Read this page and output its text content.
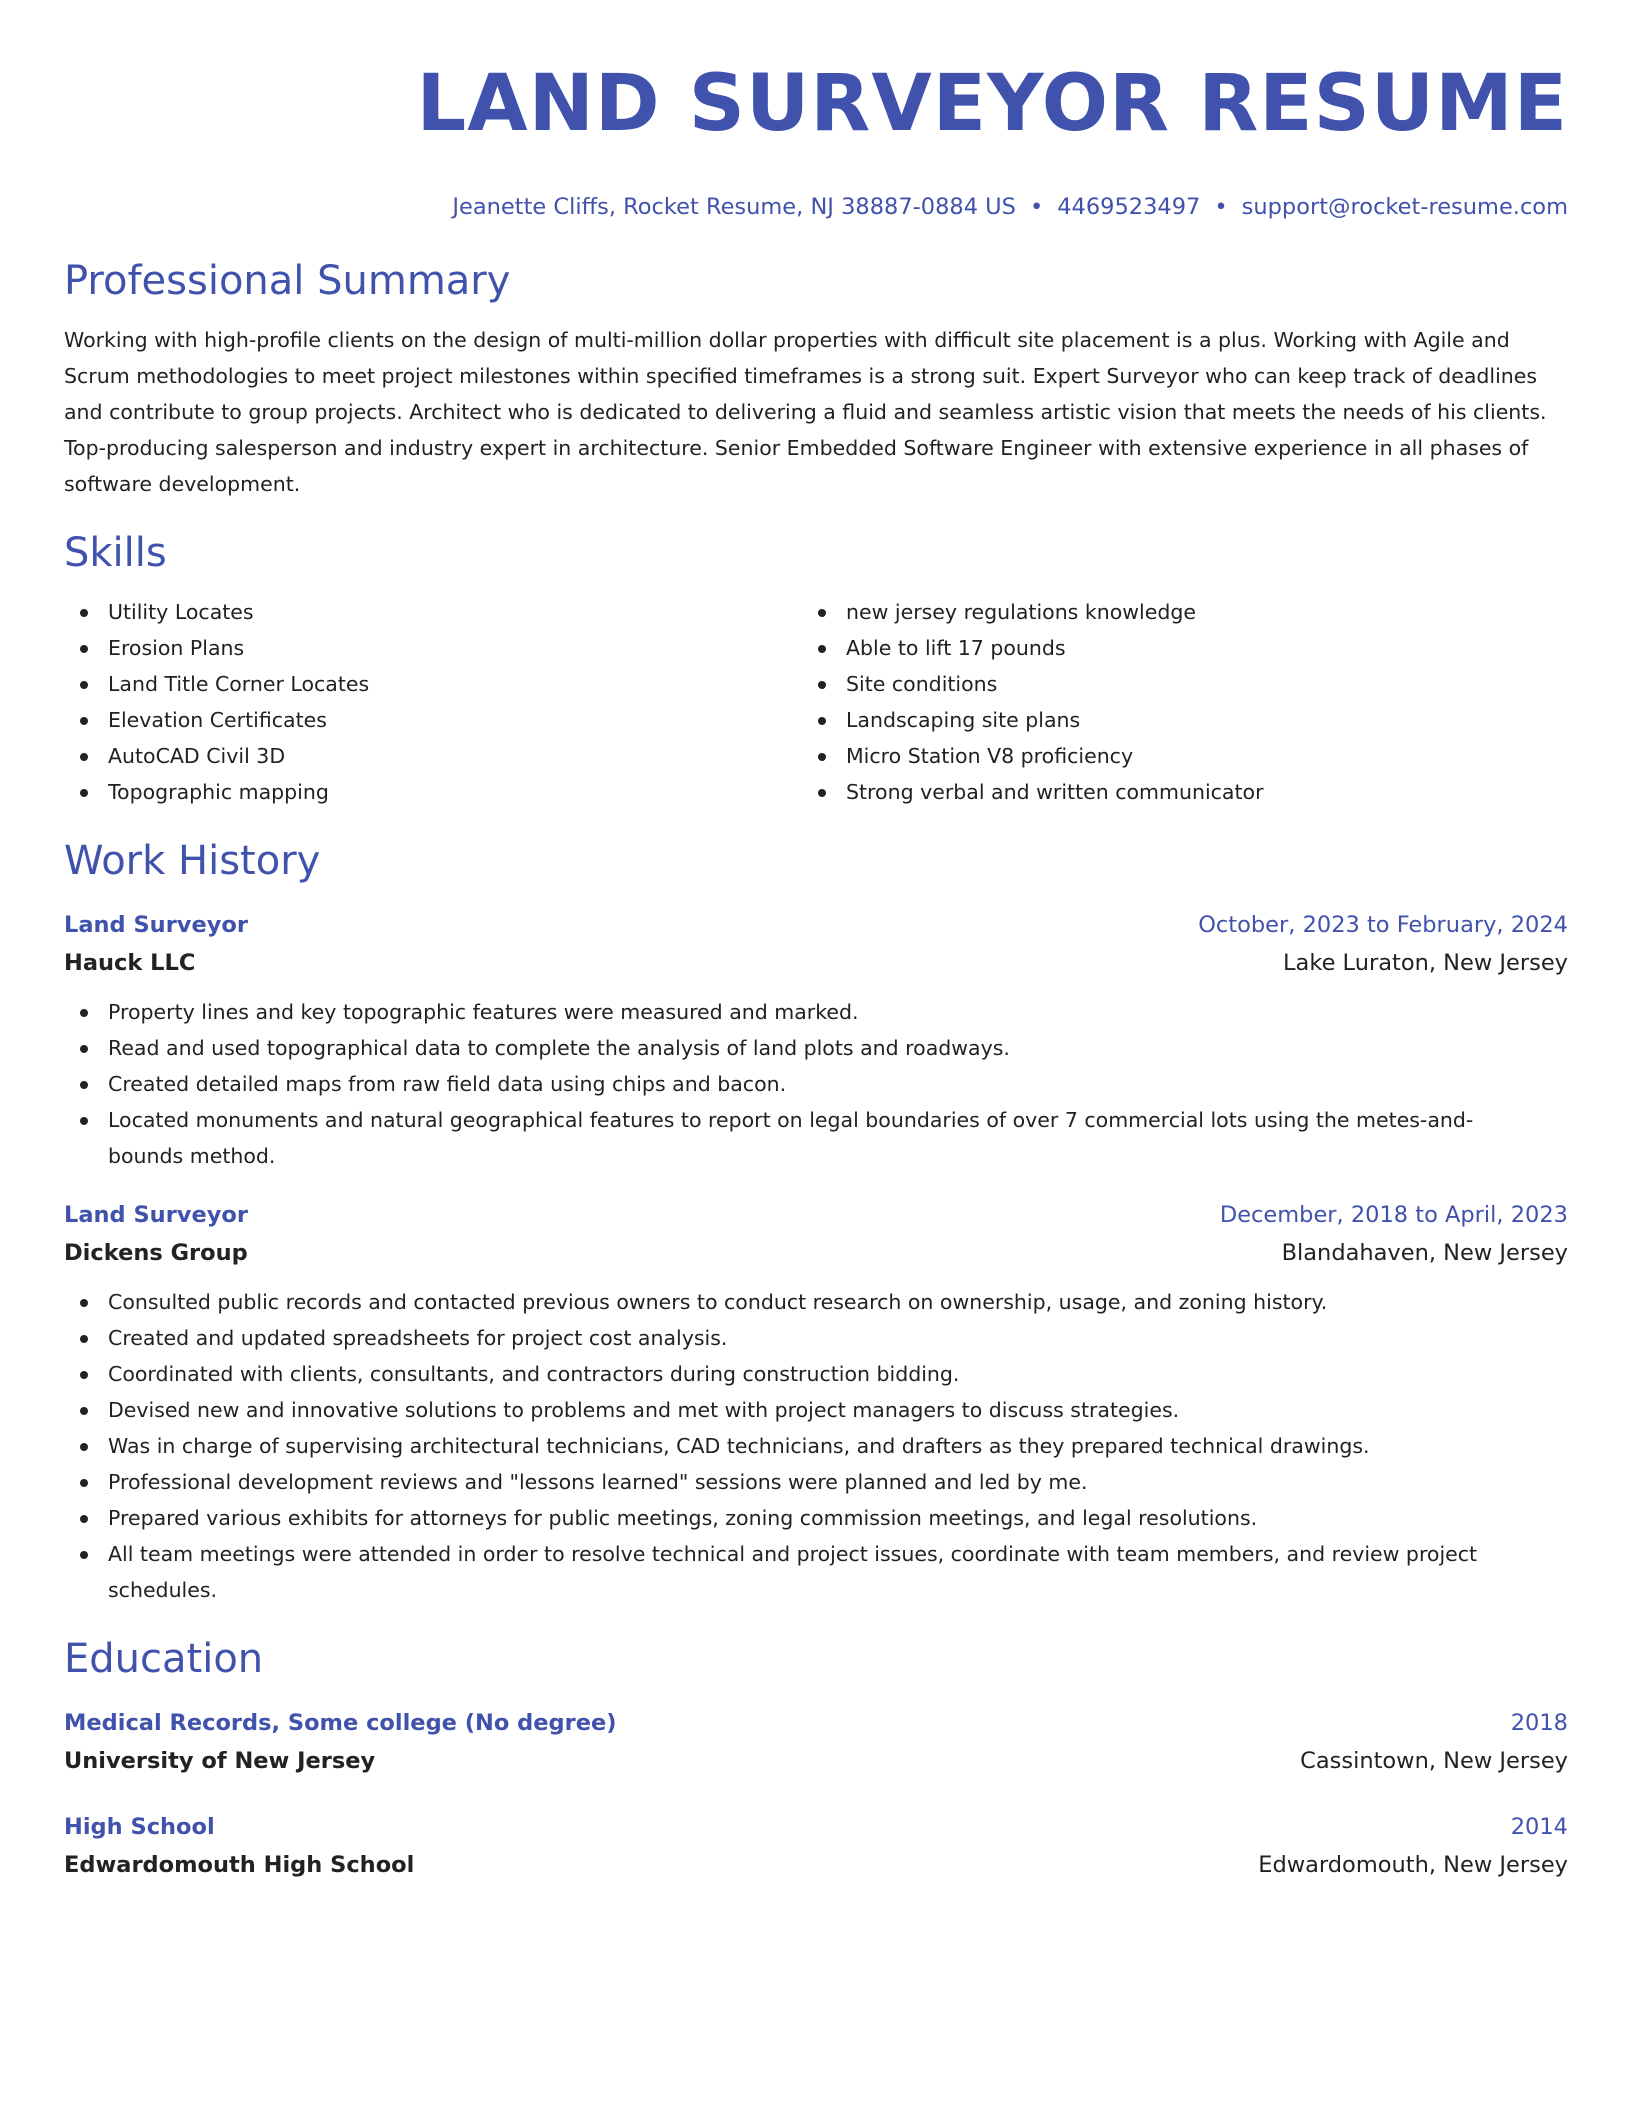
LAND SURVEYOR RESUME
Jeanette Cliffs, Rocket Resume, NJ 38887-0884 US • 4469523497 • support@rocket-resume.com
Professional Summary
Working with high-profile clients on the design of multi-million dollar properties with difficult site placement is a plus. Working with Agile and Scrum methodologies to meet project milestones within specified timeframes is a strong suit. Expert Surveyor who can keep track of deadlines and contribute to group projects. Architect who is dedicated to delivering a fluid and seamless artistic vision that meets the needs of his clients. Top-producing salesperson and industry expert in architecture. Senior Embedded Software Engineer with extensive experience in all phases of software development.
Skills
Utility Locates
Erosion Plans
Land Title Corner Locates
Elevation Certificates
AutoCAD Civil 3D
Topographic mapping
new jersey regulations knowledge
Able to lift 17 pounds
Site conditions
Landscaping site plans
Micro Station V8 proficiency
Strong verbal and written communicator
Work History
Land Surveyor	October, 2023 to February, 2024
Hauck LLC	Lake Luraton, New Jersey
Property lines and key topographic features were measured and marked.
Read and used topographical data to complete the analysis of land plots and roadways.
Created detailed maps from raw field data using chips and bacon.
Located monuments and natural geographical features to report on legal boundaries of over 7 commercial lots using the metes-and-bounds method.
Land Surveyor	December, 2018 to April, 2023
Dickens Group	Blandahaven, New Jersey
Consulted public records and contacted previous owners to conduct research on ownership, usage, and zoning history.
Created and updated spreadsheets for project cost analysis.
Coordinated with clients, consultants, and contractors during construction bidding.
Devised new and innovative solutions to problems and met with project managers to discuss strategies.
Was in charge of supervising architectural technicians, CAD technicians, and drafters as they prepared technical drawings.
Professional development reviews and "lessons learned" sessions were planned and led by me.
Prepared various exhibits for attorneys for public meetings, zoning commission meetings, and legal resolutions.
All team meetings were attended in order to resolve technical and project issues, coordinate with team members, and review project schedules.
Education
Medical Records, Some college (No degree)	2018
University of New Jersey	Cassintown, New Jersey
High School	2014
Edwardomouth High School	Edwardomouth, New Jersey
